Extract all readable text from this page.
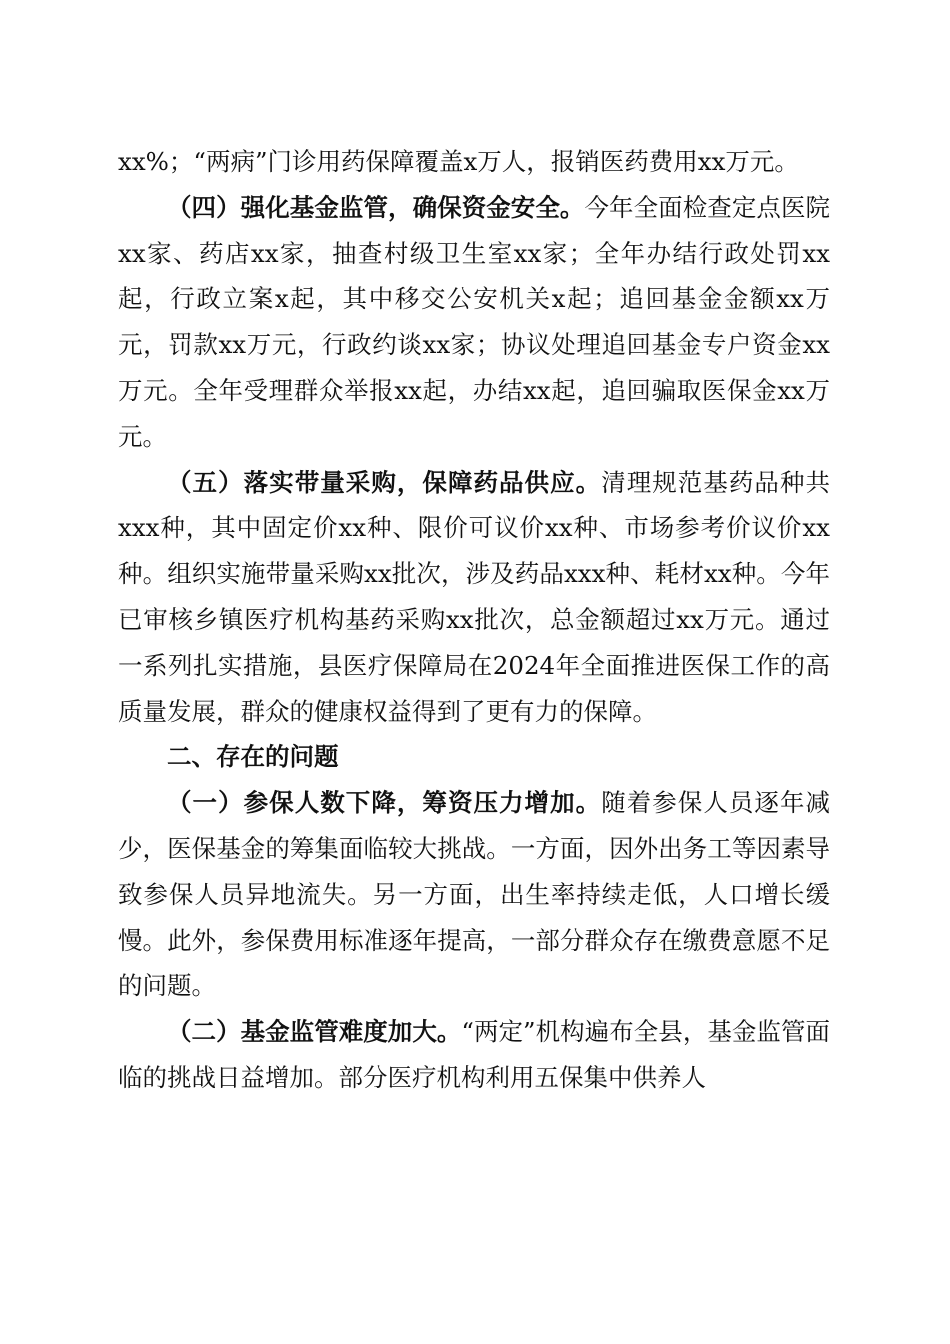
xx%；“两病”门诊用药保障覆盖x万人，报销医药费用xx万元。

（四）强化基金监管，确保资金安全。今年全面检查定点医院xx家、药店xx家，抽查村级卫生室xx家；全年办结行政处罚xx起，行政立案x起，其中移交公安机关x起；追回基金金额xx万元，罚款xx万元，行政约谈xx家；协议处理追回基金专户资金xx万元。全年受理群众举报xx起，办结xx起，追回骗取医保金xx万元。

（五）落实带量采购，保障药品供应。清理规范基药品种共xxx种，其中固定价xx种、限价可议价xx种、市场参考价议价xx种。组织实施带量采购xx批次，涉及药品xxx种、耗材xx种。今年已审核乡镇医疗机构基药采购xx批次，总金额超过xx万元。通过一系列扎实措施，县医疗保障局在2024年全面推进医保工作的高质量发展，群众的健康权益得到了更有力的保障。

二、存在的问题

（一）参保人数下降，筹资压力增加。随着参保人员逐年减少，医保基金的筹集面临较大挑战。一方面，因外出务工等因素导致参保人员异地流失。另一方面，出生率持续走低，人口增长缓慢。此外，参保费用标准逐年提高，一部分群众存在缴费意愿不足的问题。

（二）基金监管难度加大。“两定”机构遍布全县，基金监管面临的挑战日益增加。部分医疗机构利用五保集中供养人
